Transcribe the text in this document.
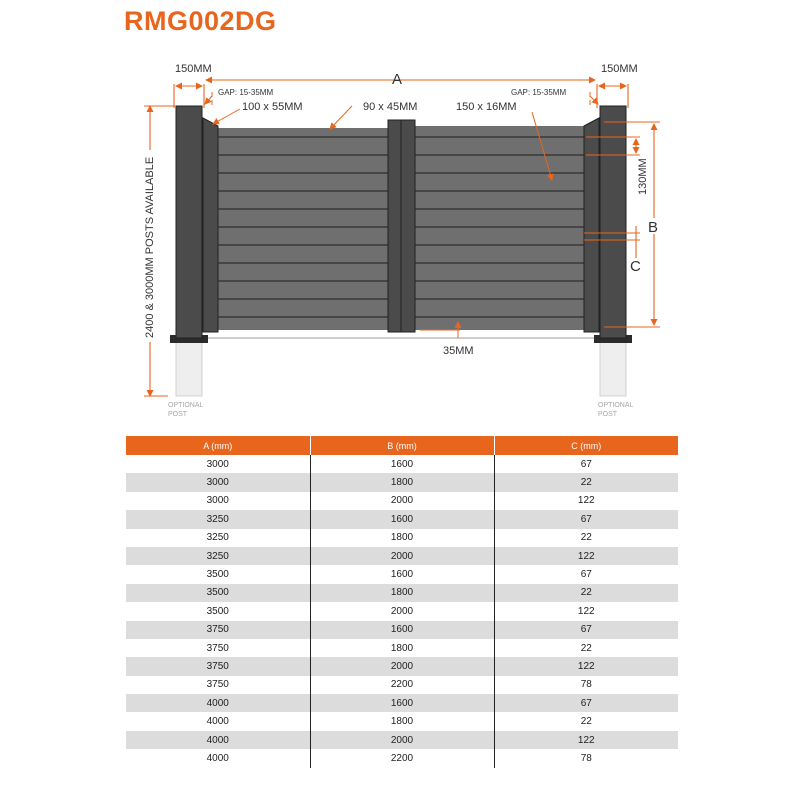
RMG002DG
OPTIONAL
POST
OPTIONAL
POST
150MM	150MM
A
GAP: 15-35MM	GAP: 15-35MM
100 x 55MM	90 x 45MM	150 x 16MM
130MM
B
C
35MM
2400 & 3000MM POSTS AVAILABLE
A (mm)	B (mm)	C (mm)
3000	1600	67
3000	1800	22
3000	2000	122
3250	1600	67
3250	1800	22
3250	2000	122
3500	1600	67
3500	1800	22
3500	2000	122
3750	1600	67
3750	1800	22
3750	2000	122
3750	2200	78
4000	1600	67
4000	1800	22
4000	2000	122
4000	2200	78
